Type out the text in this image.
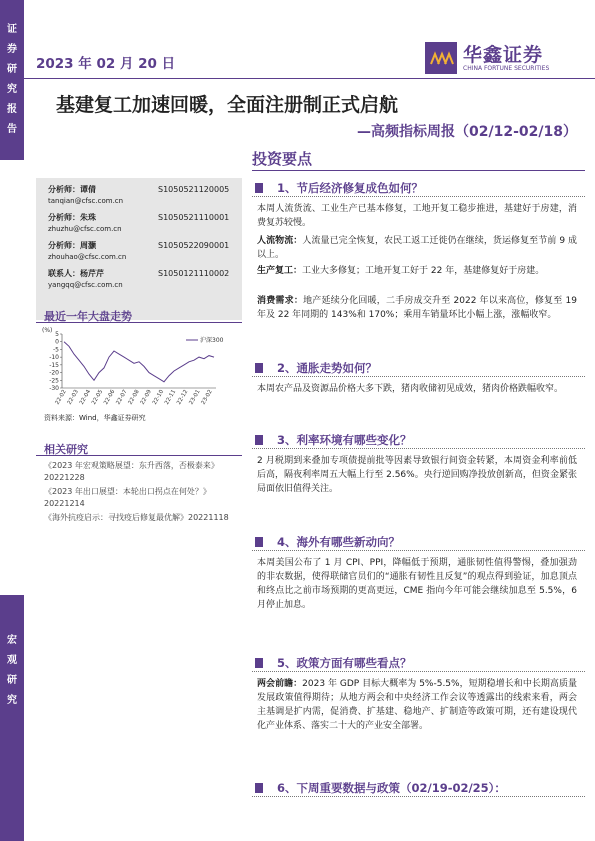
证
券
研
究
报
告
宏
观
研
究
2023 年 02 月 20 日	华鑫证券
CHINA FORTUNE SECURITIES
基建复工加速回暖，全面注册制正式启航
—高频指标周报（02/12-02/18）
投资要点
分析师：谭倩	S1050521120005
tanqian@cfsc.com.cn
分析师：朱珠	S1050521110001
zhuzhu@cfsc.com.cn
分析师：周灏	S1050522090001
zhouhao@cfsc.com.cn
联系人：杨芹芹	S1050121110002
yangqq@cfsc.com.cn
最近一年大盘走势
(%)
5
0
-5
-10
-15
-20
-25
-30
22-02
22-03
22-04
22-05
22-06
22-07
22-08
22-09
22-10
22-11
22-12
23-01
23-02
沪深300
资料来源：Wind，华鑫证券研究
相关研究
《2023 年宏观策略展望：东升西落，否极泰来》20221228
《2023 年出口展望：本轮出口拐点在何处？》20221214
《海外抗疫启示：寻找疫后修复最优解》20221118
1、节后经济修复成色如何？
本周人流货流、工业生产已基本修复，工地开复工稳步推进，基建好于房建，消费复苏较慢。
人流物流：人流量已完全恢复，农民工返工迁徙仍在继续，货运修复至节前 9 成以上。
生产复工：工业大多修复；工地开复工好于 22 年，基建修复好于房建。
消费需求：地产延续分化回暖，二手房成交升至 2022 年以来高位，修复至 19 年及 22 年同期的 143%和 170%；乘用车销量环比小幅上涨，涨幅收窄。
2、通胀走势如何？
本周农产品及资源品价格大多下跌，猪肉收储初见成效，猪肉价格跌幅收窄。
3、利率环境有哪些变化？
2 月税期到来叠加专项债提前批等因素导致银行间资金转紧，本周资金利率前低后高，隔夜利率周五大幅上行至 2.56%。央行逆回购净投放创新高，但资金紧张局面依旧值得关注。
4、海外有哪些新动向？
本周美国公布了 1 月 CPI、PPI，降幅低于预期，通胀韧性值得警惕，叠加强劲的非农数据，使得联储官员们的“通胀有韧性且反复”的观点得到验证，加息顶点和终点比之前市场预期的更高更远，CME 指向今年可能会继续加息至 5.5%，6 月停止加息。
5、政策方面有哪些看点？
两会前瞻：2023 年 GDP 目标大概率为 5%-5.5%，短期稳增长和中长期高质量发展政策值得期待；从地方两会和中央经济工作会议等透露出的线索来看，两会主基调是扩内需，促消费、扩基建、稳地产、扩制造等政策可期，还有建设现代化产业体系、落实二十大的产业安全部署。
6、下周重要数据与政策（02/19-02/25）：
